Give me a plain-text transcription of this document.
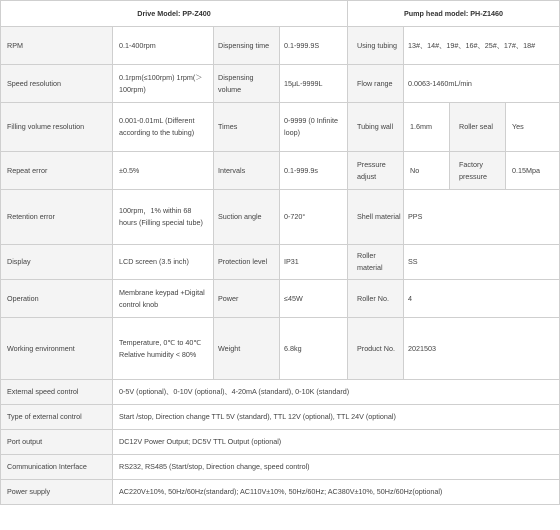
Drive Model: PP-Z400				Pump head model: PH-Z1460			
RPM	0.1-400rpm	Dispensing time	0.1-999.9S	Using tubing	13#、14#、19#、16#、25#、17#、18#		
Speed resolution	0.1rpm(≤100rpm) 1rpm(＞100rpm)	Dispensing volume	15μL-9999L	Flow range	0.0063-1460mL/min		
Filling volume resolution	0.001-0.01mL (Different according to the tubing)	Times	0-9999 (0 Infinite loop)	Tubing wall	1.6mm	Roller seal	Yes
Repeat error	±0.5%	Intervals	0.1-999.9s	Pressure adjust	No	Factory pressure	0.15Mpa
Retention error	100rpm，1% within 68 hours (Filling special tube)	Suction angle	0-720°	Shell material	PPS		
Display	LCD screen (3.5 inch)	Protection level	IP31	Roller material	SS		
Operation	Membrane keypad +Digital control knob	Power	≤45W	Roller No.	4		
Working environment	Temperature, 0℃ to 40℃ Relative humidity < 80%	Weight	6.8kg	Product No.	2021503		
External speed control	0-5V (optional)、0-10V (optional)、4-20mA (standard), 0-10K (standard)						
Type of external control	Start /stop, Direction change TTL 5V (standard), TTL 12V (optional), TTL 24V (optional)						
Port output	DC12V Power Output; DC5V TTL Output (optional)						
Communication Interface	RS232, RS485 (Start/stop, Direction change, speed control)						
Power supply	AC220V±10%, 50Hz/60Hz(standard); AC110V±10%, 50Hz/60Hz; AC380V±10%, 50Hz/60Hz(optional)						
